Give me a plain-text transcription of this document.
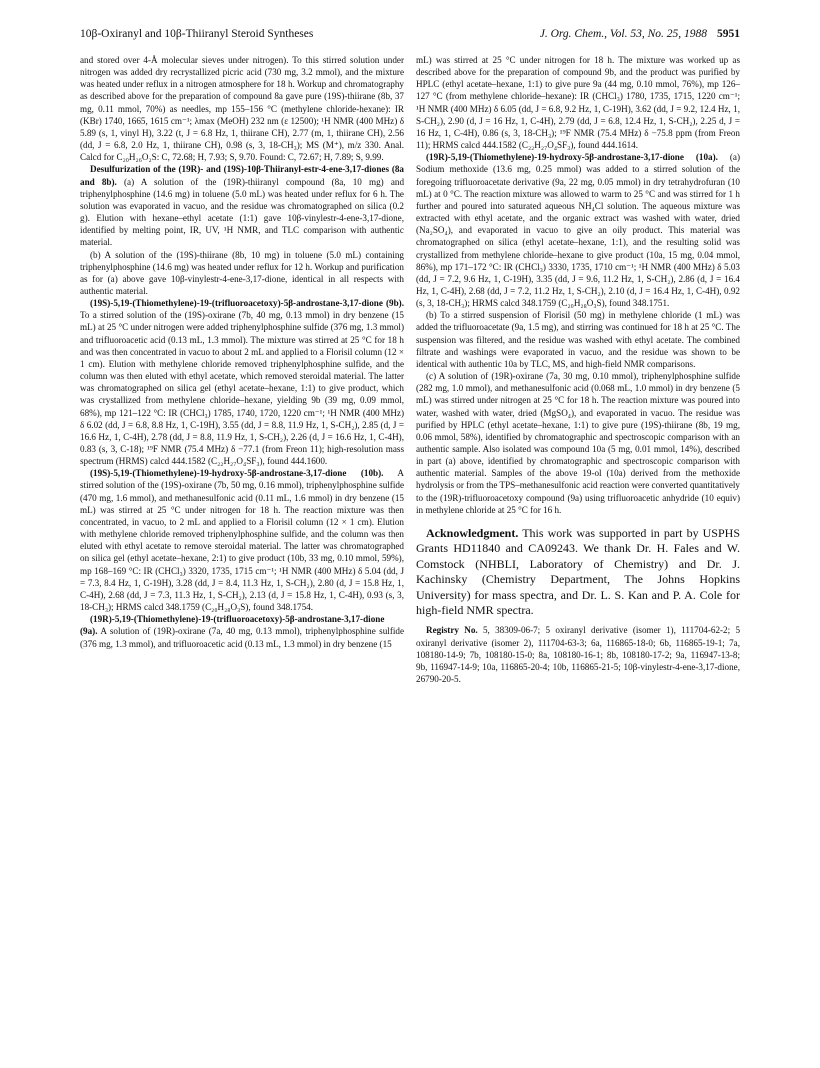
10β-Oxiranyl and 10β-Thiiranyl Steroid Syntheses	J. Org. Chem., Vol. 53, No. 25, 1988 5951

and stored over 4-Å molecular sieves under nitrogen). To this stirred solution under nitrogen was added dry recrystallized picric acid (730 mg, 3.2 mmol), and the mixture was heated under reflux in a nitrogen atmosphere for 18 h. Workup and chromatography as described above for the preparation of compound 8a gave pure (19S)-thiirane (8b, 37 mg, 0.11 mmol, 70%) as needles, mp 155–156 °C (methylene chloride-hexane): IR (KBr) 1740, 1665, 1615 cm⁻¹; λmax (MeOH) 232 nm (ε 12500); ¹H NMR (400 MHz) δ 5.89 (s, 1, vinyl H), 3.22 (t, J = 6.8 Hz, 1, thiirane CH), 2.77 (m, 1, thiirane CH), 2.56 (dd, J = 6.8, 2.0 Hz, 1, thiirane CH), 0.98 (s, 3, 18-CH₃); MS (M⁺), m/z 330. Anal. Calcd for C₂₀H₂₆O₂S: C, 72.68; H, 7.93; S, 9.70. Found: C, 72.67; H, 7.89; S, 9.99.

Desulfurization of the (19R)- and (19S)-10β-Thiiranyl-estr-4-ene-3,17-diones (8a and 8b). (a) A solution of the (19R)-thiiranyl compound (8a, 10 mg) and triphenylphosphine (14.6 mg) in toluene (5.0 mL) was heated under reflux for 6 h. The solution was evaporated in vacuo, and the residue was chromatographed on silica (0.2 g). Elution with hexane–ethyl acetate (1:1) gave 10β-vinylestr-4-ene-3,17-dione, identified by melting point, IR, UV, ¹H NMR, and TLC comparison with authentic material.

(b) A solution of the (19S)-thiirane (8b, 10 mg) in toluene (5.0 mL) containing triphenylphosphine (14.6 mg) was heated under reflux for 12 h. Workup and purification as for (a) above gave 10β-vinylestr-4-ene-3,17-dione, identical in all respects with authentic material.

(19S)-5,19-(Thiomethylene)-19-(trifluoroacetoxy)-5β-androstane-3,17-dione (9b). To a stirred solution of the (19S)-oxirane (7b, 40 mg, 0.13 mmol) in dry benzene (15 mL) at 25 °C under nitrogen were added triphenylphosphine sulfide (376 mg, 1.3 mmol) and trifluoroacetic acid (0.13 mL, 1.3 mmol). The mixture was stirred at 25 °C for 18 h and was then concentrated in vacuo to about 2 mL and applied to a Florisil column (12 × 1 cm). Elution with methylene chloride removed triphenylphosphine sulfide, and the column was then eluted with ethyl acetate, which removed steroidal material. The latter was chromatographed on silica gel (ethyl acetate–hexane, 1:1) to give product, which was crystallized from methylene chloride–hexane, yielding 9b (39 mg, 0.09 mmol, 68%), mp 121–122 °C: IR (CHCl₃) 1785, 1740, 1720, 1220 cm⁻¹; ¹H NMR (400 MHz) δ 6.02 (dd, J = 6.8, 8.8 Hz, 1, C-19H), 3.55 (dd, J = 8.8, 11.9 Hz, 1, S-CH₂), 2.85 (d, J = 16.6 Hz, 1, C-4H), 2.78 (dd, J = 8.8, 11.9 Hz, 1, S-CH₂), 2.26 (d, J = 16.6 Hz, 1, C-4H), 0.83 (s, 3, C-18); ¹⁹F NMR (75.4 MHz) δ −77.1 (from Freon 11); high-resolution mass spectrum (HRMS) calcd 444.1582 (C₂₂H₂₇O₄SF₃), found 444.1600.

(19S)-5,19-(Thiomethylene)-19-hydroxy-5β-androstane-3,17-dione (10b). A stirred solution of the (19S)-oxirane (7b, 50 mg, 0.16 mmol), triphenylphosphine sulfide (470 mg, 1.6 mmol), and methanesulfonic acid (0.11 mL, 1.6 mmol) in dry benzene (15 mL) was stirred at 25 °C under nitrogen for 18 h. The reaction mixture was then concentrated, in vacuo, to 2 mL and applied to a Florisil column (12 × 1 cm). Elution with methylene chloride removed triphenylphosphine sulfide, and the column was then eluted with ethyl acetate to remove steroidal material. The latter was chromatographed on silica gel (ethyl acetate–hexane, 2:1) to give product (10b, 33 mg, 0.10 mmol, 59%), mp 168–169 °C: IR (CHCl₃) 3320, 1735, 1715 cm⁻¹; ¹H NMR (400 MHz) δ 5.04 (dd, J = 7.3, 8.4 Hz, 1, C-19H), 3.28 (dd, J = 8.4, 11.3 Hz, 1, S-CH₂), 2.80 (d, J = 15.8 Hz, 1, C-4H), 2.68 (dd, J = 7.3, 11.3 Hz, 1, S-CH₂), 2.13 (d, J = 15.8 Hz, 1, C-4H), 0.93 (s, 3, 18-CH₃); HRMS calcd 348.1759 (C₂₀H₂₈O₃S), found 348.1754.

(19R)-5,19-(Thiomethylene)-19-(trifluoroacetoxy)-5β-androstane-3,17-dione (9a). A solution of (19R)-oxirane (7a, 40 mg, 0.13 mmol), triphenylphosphine sulfide (376 mg, 1.3 mmol), and trifluoroacetic acid (0.13 mL, 1.3 mmol) in dry benzene (15

mL) was stirred at 25 °C under nitrogen for 18 h. The mixture was worked up as described above for the preparation of compound 9b, and the product was purified by HPLC (ethyl acetate–hexane, 1:1) to give pure 9a (44 mg, 0.10 mmol, 76%), mp 126–127 °C (from methylene chloride–hexane): IR (CHCl₃) 1780, 1735, 1715, 1220 cm⁻¹; ¹H NMR (400 MHz) δ 6.05 (dd, J = 6.8, 9.2 Hz, 1, C-19H), 3.62 (dd, J = 9.2, 12.4 Hz, 1, S-CH₂), 2.90 (d, J = 16 Hz, 1, C-4H), 2.79 (dd, J = 6.8, 12.4 Hz, 1, S-CH₂), 2.25 d, J = 16 Hz, 1, C-4H), 0.86 (s, 3, 18-CH₃); ¹⁹F NMR (75.4 MHz) δ −75.8 ppm (from Freon 11); HRMS calcd 444.1582 (C₂₂H₂₇O₄SF₃), found 444.1614.

(19R)-5,19-(Thiomethylene)-19-hydroxy-5β-androstane-3,17-dione (10a). (a) Sodium methoxide (13.6 mg, 0.25 mmol) was added to a stirred solution of the foregoing trifluoroacetate derivative (9a, 22 mg, 0.05 mmol) in dry tetrahydrofuran (10 mL) at 0 °C. The reaction mixture was allowed to warm to 25 °C and was stirred for 1 h further and poured into saturated aqueous NH₄Cl solution. The aqueous mixture was extracted with ethyl acetate, and the organic extract was washed with water, dried (Na₂SO₄), and evaporated in vacuo to give an oily product. This material was chromatographed on silica (ethyl acetate–hexane, 1:1), and the resulting solid was crystallized from methylene chloride–hexane to give product (10a, 15 mg, 0.04 mmol, 86%), mp 171–172 °C: IR (CHCl₃) 3330, 1735, 1710 cm⁻¹; ¹H NMR (400 MHz) δ 5.03 (dd, J = 7.2, 9.6 Hz, 1, C-19H), 3.35 (dd, J = 9.6, 11.2 Hz, 1, S-CH₂), 2.86 (d, J = 16.4 Hz, 1, C-4H), 2.68 (dd, J = 7.2, 11.2 Hz, 1, S-CH₂), 2.10 (d, J = 16.4 Hz, 1, C-4H), 0.92 (s, 3, 18-CH₃); HRMS calcd 348.1759 (C₂₀H₂₈O₃S), found 348.1751.

(b) To a stirred suspension of Florisil (50 mg) in methylene chloride (1 mL) was added the trifluoroacetate (9a, 1.5 mg), and stirring was continued for 18 h at 25 °C. The suspension was filtered, and the residue was washed with ethyl acetate. The combined filtrate and washings were evaporated in vacuo, and the residue was shown to be identical with authentic 10a by TLC, MS, and high-field NMR comparisons.

(c) A solution of (19R)-oxirane (7a, 30 mg, 0.10 mmol), triphenylphosphine sulfide (282 mg, 1.0 mmol), and methanesulfonic acid (0.068 mL, 1.0 mmol) in dry benzene (5 mL) was stirred under nitrogen at 25 °C for 18 h. The reaction mixture was poured into water, washed with water, dried (MgSO₄), and evaporated in vacuo. The residue was purified by HPLC (ethyl acetate–hexane, 1:1) to give pure (19S)-thiirane (8b, 19 mg, 0.06 mmol, 58%), identified by chromatographic and spectroscopic comparison with an authentic sample. Also isolated was compound 10a (5 mg, 0.01 mmol, 14%), described in part (a) above, identified by chromatographic and spectroscopic comparison with authentic material. Samples of the above 19-ol (10a) derived from the methoxide hydrolysis or from the TPS–methanesulfonic acid reaction were converted quantitatively to the (19R)-trifluoroacetoxy compound (9a) using trifluoroacetic anhydride (10 equiv) in methylene chloride at 25 °C for 16 h.

Acknowledgment. This work was supported in part by USPHS Grants HD11840 and CA09243. We thank Dr. H. Fales and W. Comstock (NHBLI, Laboratory of Chemistry) and Dr. J. Kachinsky (Chemistry Department, The Johns Hopkins University) for mass spectra, and Dr. L. S. Kan and P. A. Cole for high-field NMR spectra.

Registry No. 5, 38309-06-7; 5 oxiranyl derivative (isomer 1), 111704-62-2; 5 oxiranyl derivative (isomer 2), 111704-63-3; 6a, 116865-18-0; 6b, 116865-19-1; 7a, 108180-14-9; 7b, 108180-15-0; 8a, 108180-16-1; 8b, 108180-17-2; 9a, 116947-13-8; 9b, 116947-14-9; 10a, 116865-20-4; 10b, 116865-21-5; 10β-vinylestr-4-ene-3,17-dione, 26790-20-5.
